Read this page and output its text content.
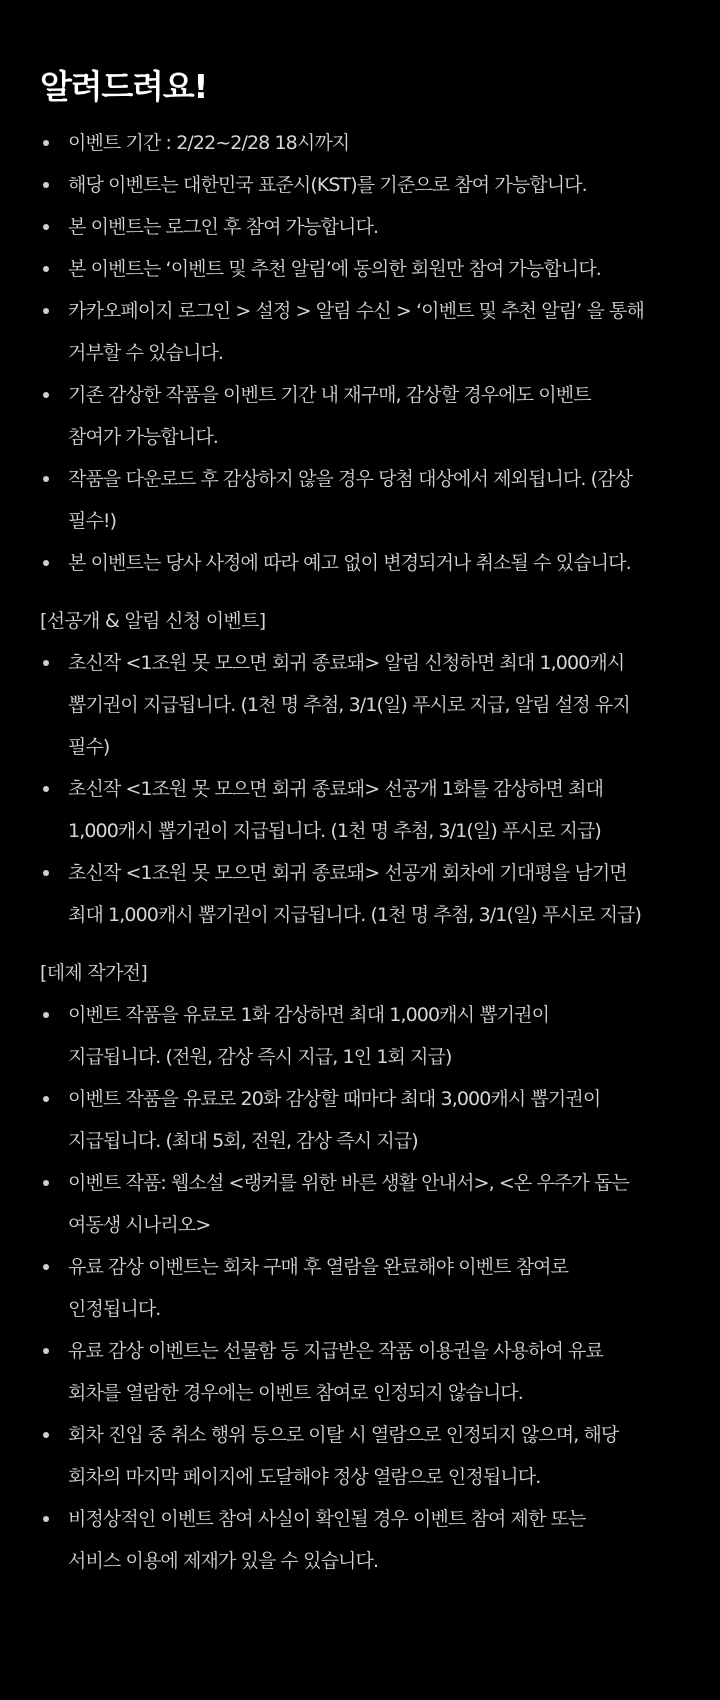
알려드려요!
이벤트 기간 : 2/22~2/28 18시까지
해당 이벤트는 대한민국 표준시(KST)를 기준으로 참여 가능합니다.
본 이벤트는 로그인 후 참여 가능합니다.
본 이벤트는 ‘이벤트 및 추천 알림’에 동의한 회원만 참여 가능합니다.
카카오페이지 로그인 > 설정 > 알림 수신 > ‘이벤트 및 추천 알림’ 을 통해
거부할 수 있습니다.
기존 감상한 작품을 이벤트 기간 내 재구매, 감상할 경우에도 이벤트
참여가 가능합니다.
작품을 다운로드 후 감상하지 않을 경우 당첨 대상에서 제외됩니다. (감상
필수!)
본 이벤트는 당사 사정에 따라 예고 없이 변경되거나 취소될 수 있습니다.
[선공개 & 알림 신청 이벤트]
초신작 <1조원 못 모으면 회귀 종료돼> 알림 신청하면 최대 1,000캐시
뽑기권이 지급됩니다. (1천 명 추첨, 3/1(일) 푸시로 지급, 알림 설정 유지
필수)
초신작 <1조원 못 모으면 회귀 종료돼> 선공개 1화를 감상하면 최대
1,000캐시 뽑기권이 지급됩니다. (1천 명 추첨, 3/1(일) 푸시로 지급)
초신작 <1조원 못 모으면 회귀 종료돼> 선공개 회차에 기대평을 남기면
최대 1,000캐시 뽑기권이 지급됩니다. (1천 명 추첨, 3/1(일) 푸시로 지급)
[데제 작가전]
이벤트 작품을 유료로 1화 감상하면 최대 1,000캐시 뽑기권이
지급됩니다. (전원, 감상 즉시 지급, 1인 1회 지급)
이벤트 작품을 유료로 20화 감상할 때마다 최대 3,000캐시 뽑기권이
지급됩니다. (최대 5회, 전원, 감상 즉시 지급)
이벤트 작품: 웹소설 <랭커를 위한 바른 생활 안내서>, <온 우주가 돕는
여동생 시나리오>
유료 감상 이벤트는 회차 구매 후 열람을 완료해야 이벤트 참여로
인정됩니다.
유료 감상 이벤트는 선물함 등 지급받은 작품 이용권을 사용하여 유료
회차를 열람한 경우에는 이벤트 참여로 인정되지 않습니다.
회차 진입 중 취소 행위 등으로 이탈 시 열람으로 인정되지 않으며, 해당
회차의 마지막 페이지에 도달해야 정상 열람으로 인정됩니다.
비정상적인 이벤트 참여 사실이 확인될 경우 이벤트 참여 제한 또는
서비스 이용에 제재가 있을 수 있습니다.
